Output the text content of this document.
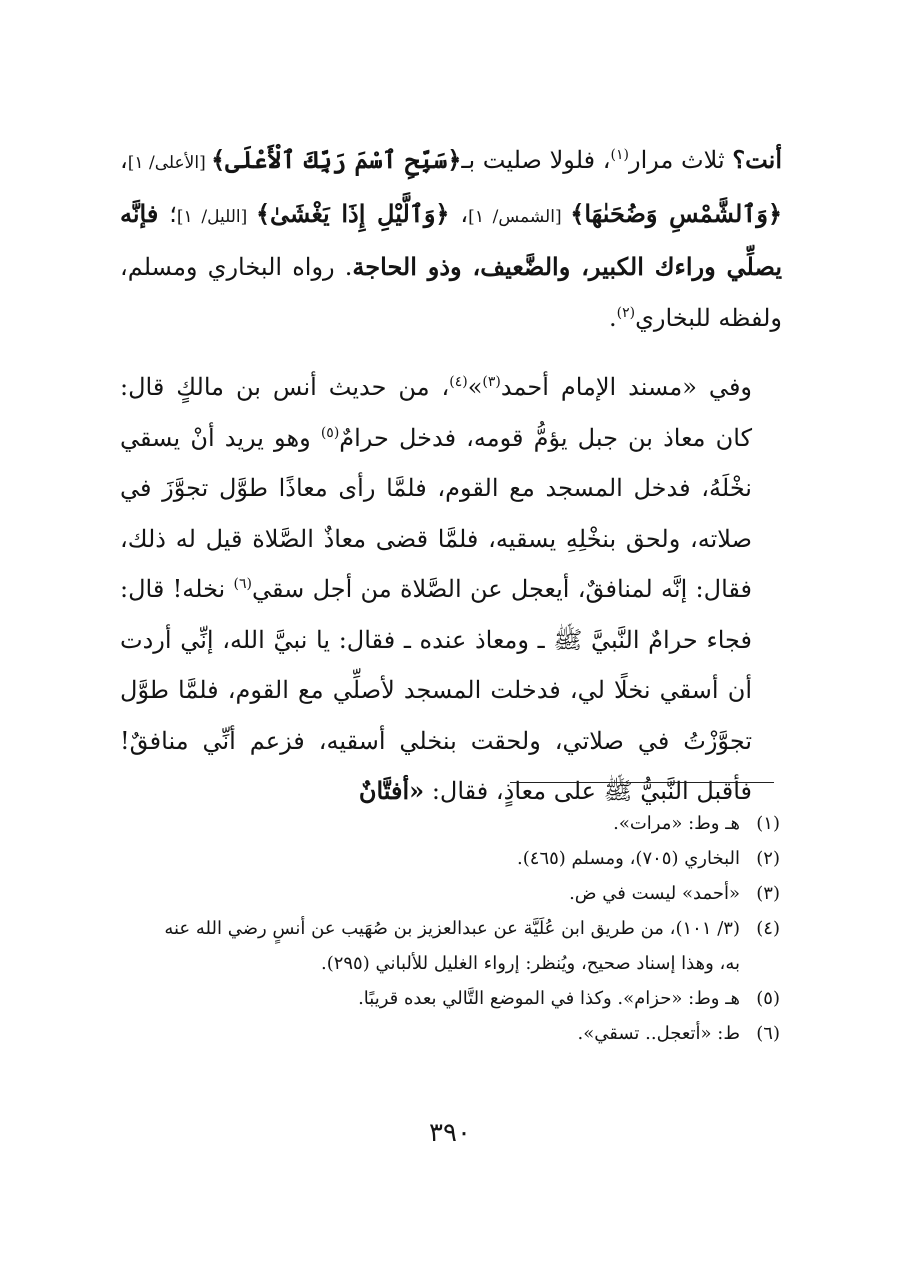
أنت؟ ثلاث مرار$^{(١)}$، فلولا صليت بـ﴿سَبِّحِ ٱسْمَ رَبِّكَ ٱلْأَعْلَى﴾ [الأعلى/ ١]، ﴿وَٱلشَّمْسِ وَضُحَىٰهَا﴾ [الشمس/ ١]، ﴿وَٱلَّيْلِ إِذَا يَغْشَىٰ﴾ [الليل/ ١]؛ فإنَّه يصلِّي وراءك الكبير، والضَّعيف، وذو الحاجة. رواه البخاري ومسلم، ولفظه للبخاري$^{(٢)}$.

وفي «مسند الإمام أحمد$^{(٣)}$»$^{(٤)}$، من حديث أنس بن مالكٍ قال: كان معاذ بن جبل يؤمُّ قومه، فدخل حرامٌ$^{(٥)}$ وهو يريد أنْ يسقي نخْلَهُ، فدخل المسجد مع القوم، فلمَّا رأى معاذًا طوَّل تجوَّزَ في صلاته، ولحق بنخْلِهِ يسقيه، فلمَّا قضى معاذٌ الصَّلاة قيل له ذلك، فقال: إنَّه لمنافقٌ، أيعجل عن الصَّلاة من أجل سقي$^{(٦)}$ نخله! قال: فجاء حرامٌ النَّبيَّ ﷺ ـ ومعاذ عنده ـ فقال: يا نبيَّ الله، إنِّي أردت أن أسقي نخلًا لي، فدخلت المسجد لأصلِّي مع القوم، فلمَّا طوَّل تجوَّزْتُ في صلاتي، ولحقت بنخلي أسقيه، فزعم أنِّي منافقٌ! فأقبل النَّبيُّ ﷺ على معاذٍ، فقال: «أفتَّانٌ

(١)هـ وط: «مرات».

(٢)البخاري (٧٠٥)، ومسلم (٤٦٥).

(٣)«أحمد» ليست في ض.

(٤)(٣/ ١٠١)، من طريق ابن عُلَيَّة عن عبدالعزيز بن صُهَيب عن أنسٍ رضي الله عنه

به، وهذا إسناد صحيح، ويُنظر: إرواء الغليل للألباني (٢٩٥).

(٥)هـ وط: «حزام». وكذا في الموضع التَّالي بعده قريبًا.

(٦)ط: «أتعجل.. تسقي».

٣٩٠
